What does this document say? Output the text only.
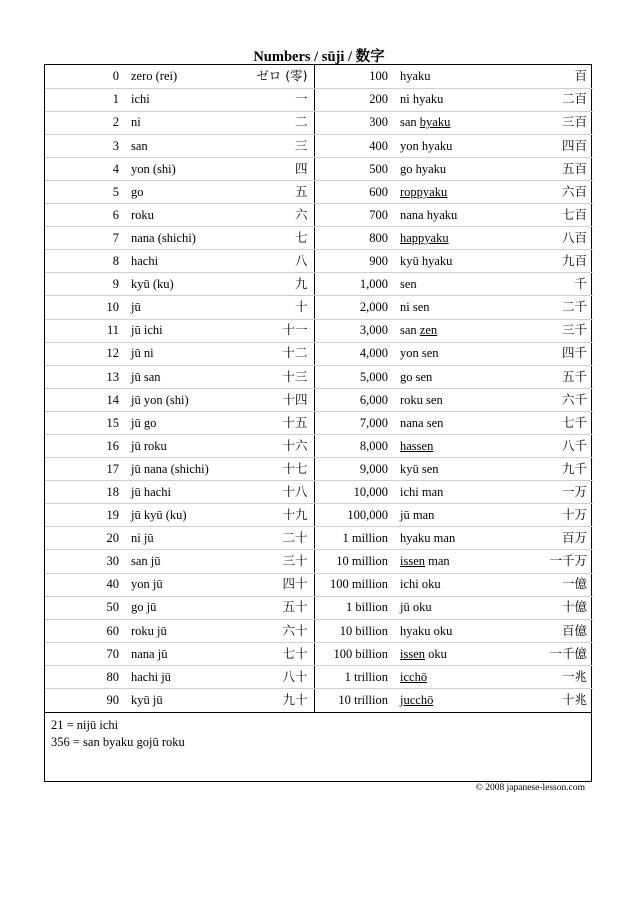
Numbers / sūji / 数字
0	zero (rei)	ゼロ (零)	100	hyaku	百
1	ichi	一	200	ni hyaku	二百
2	ni	二	300	san byaku	三百
3	san	三	400	yon hyaku	四百
4	yon (shi)	四	500	go hyaku	五百
5	go	五	600	roppyaku	六百
6	roku	六	700	nana hyaku	七百
7	nana (shichi)	七	800	happyaku	八百
8	hachi	八	900	kyū hyaku	九百
9	kyū (ku)	九	1,000	sen	千
10	jū	十	2,000	ni sen	二千
11	jū ichi	十一	3,000	san zen	三千
12	jū ni	十二	4,000	yon sen	四千
13	jū san	十三	5,000	go sen	五千
14	jū yon (shi)	十四	6,000	roku sen	六千
15	jū go	十五	7,000	nana sen	七千
16	jū roku	十六	8,000	hassen	八千
17	jū nana (shichi)	十七	9,000	kyū sen	九千
18	jū hachi	十八	10,000	ichi man	一万
19	jū kyū (ku)	十九	100,000	jū man	十万
20	ni jū	二十	1 million	hyaku man	百万
30	san jū	三十	10 million	issen man	一千万
40	yon jū	四十	100 million	ichi oku	一億
50	go jū	五十	1 billion	jū oku	十億
60	roku jū	六十	10 billion	hyaku oku	百億
70	nana jū	七十	100 billion	issen oku	一千億
80	hachi jū	八十	1 trillion	icchō	一兆
90	kyū jū	九十	10 trillion	jucchō	十兆
21 = nijū ichi
356 = san byaku gojū roku
© 2008 japanese-lesson.com
